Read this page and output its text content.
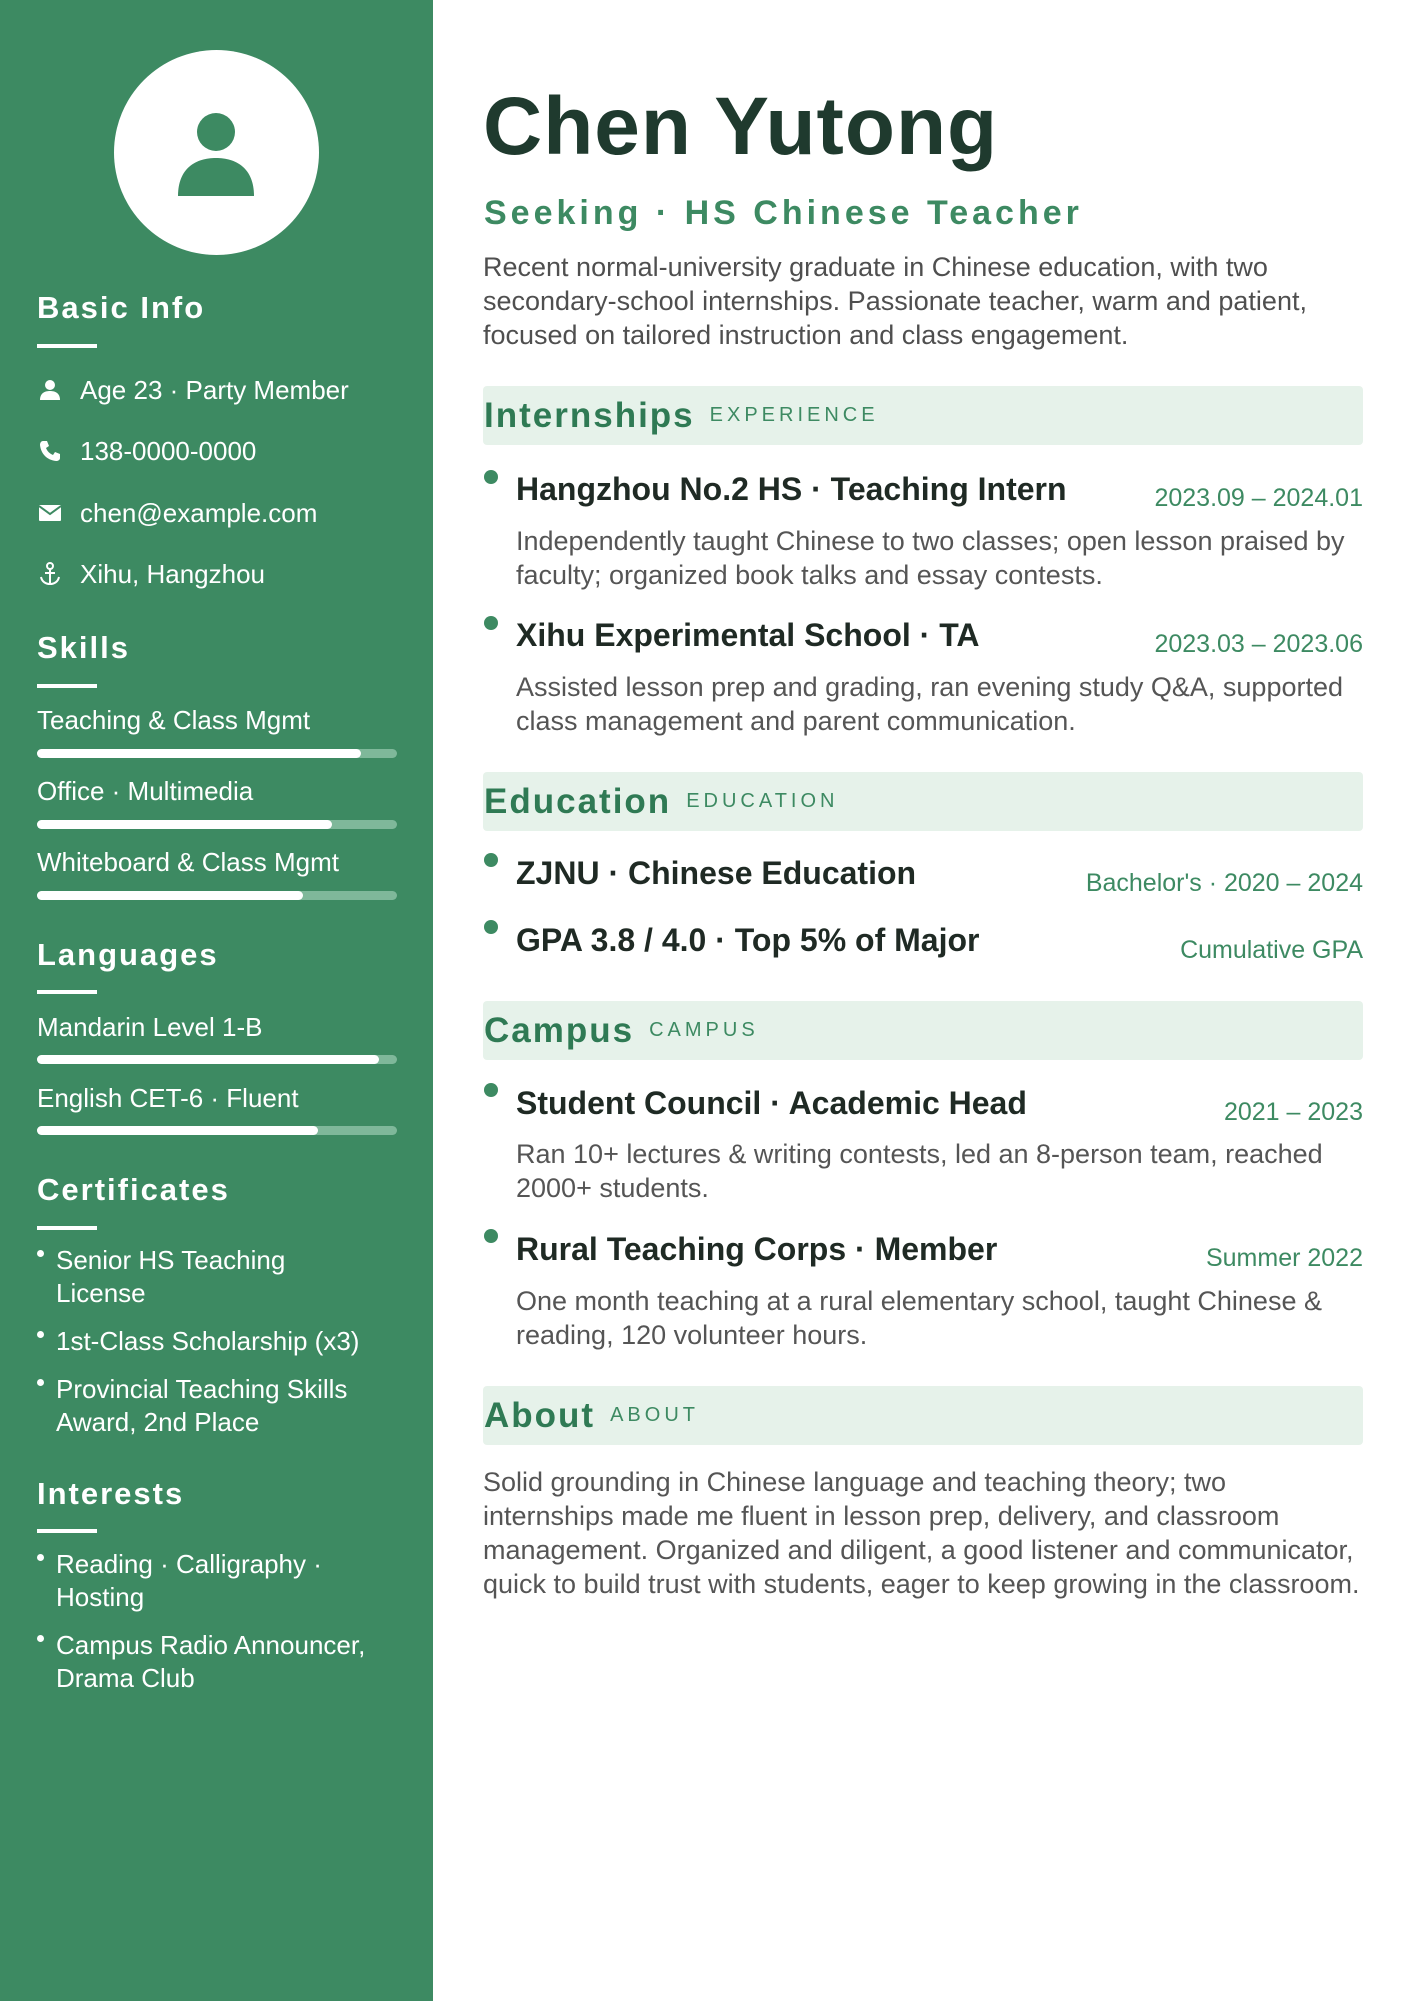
Basic Info
Age 23 · Party Member
138-0000-0000
chen@example.com
Xihu, Hangzhou
Skills
Teaching & Class Mgmt
Office · Multimedia
Whiteboard & Class Mgmt
Languages
Mandarin Level 1-B
English CET-6 · Fluent
Certificates
Senior HS Teaching License
1st-Class Scholarship (x3)
Provincial Teaching Skills Award, 2nd Place
Interests
Reading · Calligraphy · Hosting
Campus Radio Announcer, Drama Club
Chen Yutong
Seeking · HS Chinese Teacher
Recent normal-university graduate in Chinese education, with two secondary-school internships. Passionate teacher, warm and patient, focused on tailored instruction and class engagement.
Internships EXPERIENCE
Hangzhou No.2 HS · Teaching Intern	2023.09 – 2024.01
Independently taught Chinese to two classes; open lesson praised by faculty; organized book talks and essay contests.
Xihu Experimental School · TA	2023.03 – 2023.06
Assisted lesson prep and grading, ran evening study Q&A, supported class management and parent communication.
Education EDUCATION
ZJNU · Chinese Education	Bachelor's · 2020 – 2024
GPA 3.8 / 4.0 · Top 5% of Major	Cumulative GPA
Campus CAMPUS
Student Council · Academic Head	2021 – 2023
Ran 10+ lectures & writing contests, led an 8-person team, reached 2000+ students.
Rural Teaching Corps · Member	Summer 2022
One month teaching at a rural elementary school, taught Chinese & reading, 120 volunteer hours.
About ABOUT
Solid grounding in Chinese language and teaching theory; two internships made me fluent in lesson prep, delivery, and classroom management. Organized and diligent, a good listener and communicator, quick to build trust with students, eager to keep growing in the classroom.
